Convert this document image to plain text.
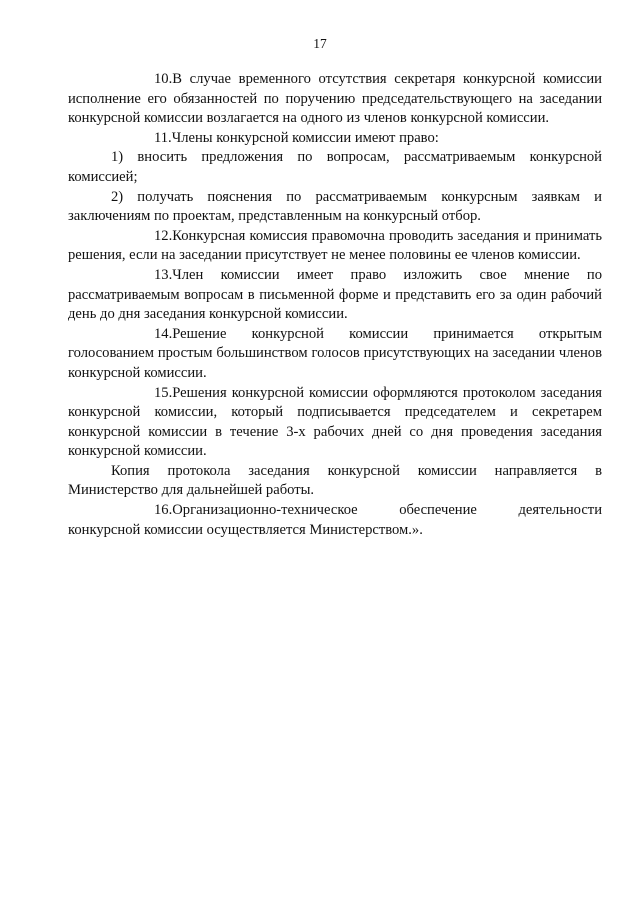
17

10.В случае временного отсутствия секретаря конкурсной комиссии исполнение его обязанностей по поручению председательствующего на заседании конкурсной комиссии возлагается на одного из членов конкурсной комиссии.

11.Члены конкурсной комиссии имеют право:

1) вносить предложения по вопросам, рассматриваемым конкурсной комиссией;

2) получать пояснения по рассматриваемым конкурсным заявкам и заключениям по проектам, представленным на конкурсный отбор.

12.Конкурсная комиссия правомочна проводить заседания и принимать решения, если на заседании присутствует не менее половины ее членов комиссии.

13.Член комиссии имеет право изложить свое мнение по рассматриваемым вопросам в письменной форме и представить его за один рабочий день до дня заседания конкурсной комиссии.

14.Решение конкурсной комиссии принимается открытым голосованием простым большинством голосов присутствующих на заседании членов конкурсной комиссии.

15.Решения конкурсной комиссии оформляются протоколом заседания конкурсной комиссии, который подписывается председателем и секретарем конкурсной комиссии в течение 3-х рабочих дней со дня проведения заседания конкурсной комиссии.

Копия протокола заседания конкурсной комиссии направляется в Министерство для дальнейшей работы.

16.Организационно-техническое обеспечение деятельности конкурсной комиссии осуществляется Министерством.».
